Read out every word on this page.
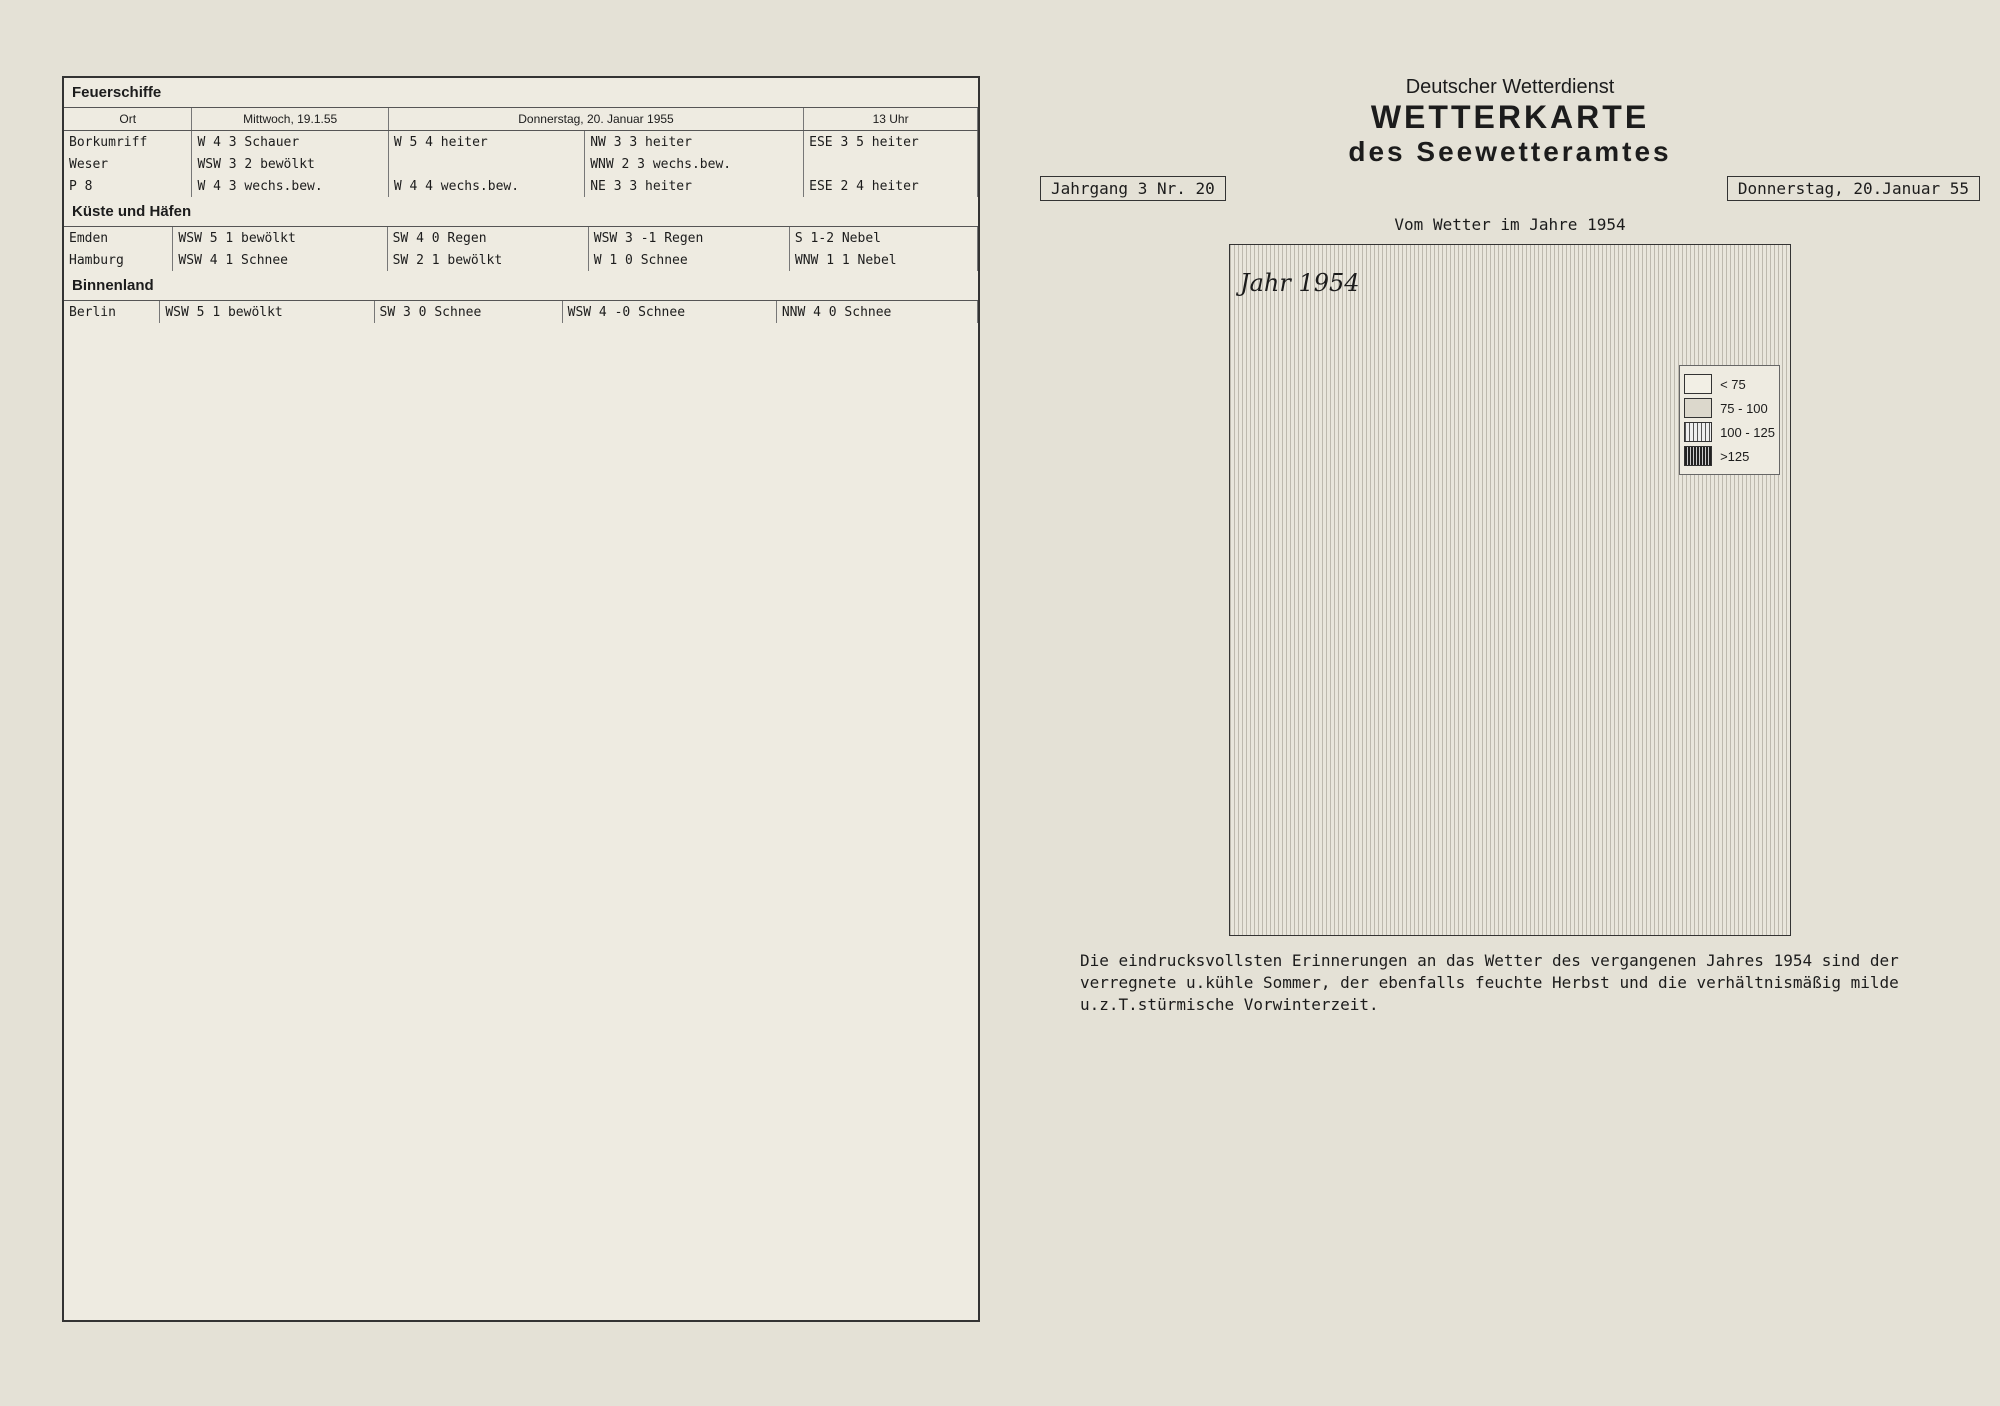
Feuerschiffe
Ort	Mittwoch, 19.1.55	Donnerstag, 20. Januar 1955		13 Uhr
Borkumriff	W 4 3 Schauer	W 5 4 heiter	NW 3 3 heiter	ESE 3 5 heiter
Weser	WSW 3 2 bewölkt		WNW 2 3 wechs.bew.	
P 8	W 4 3 wechs.bew.	W 4 4 wechs.bew.	NE 3 3 heiter	ESE 2 4 heiter
Küste und Häfen
Emden	WSW 5 1 bewölkt	SW 4 0 Regen	WSW 3 -1 Regen	S 1-2 Nebel
Hamburg	WSW 4 1 Schnee	SW 2 1 bewölkt	W 1 0 Schnee	WNW 1 1 Nebel
Binnenland
Berlin	WSW 5 1 bewölkt	SW 3 0 Schnee	WSW 4 -0 Schnee	NNW 4 0 Schnee
Deutscher Wetterdienst
WETTERKARTE
des Seewetteramtes
Jahrgang 3 Nr. 20	Donnerstag, 20.Januar 55
Vom Wetter im Jahre 1954
Jahr 1954
< 75
75 - 100
100 - 125
>125
Die eindrucksvollsten Erinnerungen an das Wetter des vergangenen Jahres 1954 sind der verregnete u.kühle Sommer, der ebenfalls feuchte Herbst und die verhältnismäßig milde u.z.T.stürmische Vorwinterzeit.
